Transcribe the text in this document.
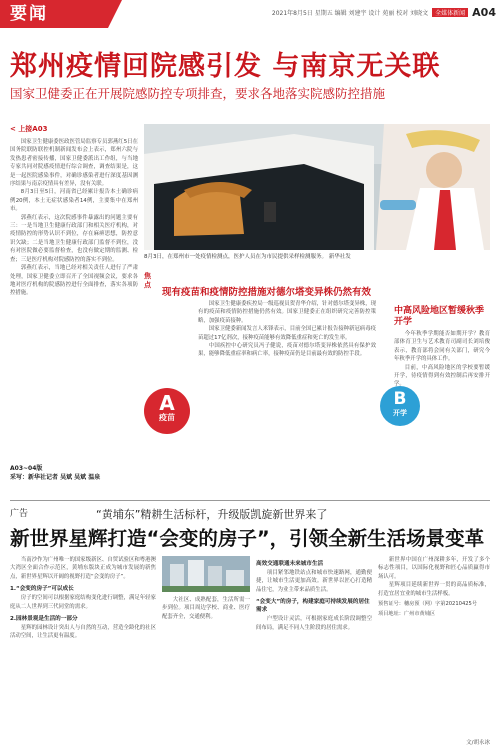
要闻	2021年8月5日 星期五 编辑 刘建宇 设计 苑丽 校对 刘晓文	全媒体新闻 A04
郑州疫情回院感引发 与南京无关联
国家卫健委正在开展院感防控专项排查，要求各地落实院感防控措施
< 上接A03

国家卫生健康委医政医管局监察专员郭燕红5日在国务院联防联控机制新闻发布会上表示，郑州六院与发热患者密接传播，国家卫健委派出工作组，与当地专家共同对院感疫情进行综合调查，调查结果是，这是一起医院感染事件，对确诊感染者进行深度基因测序结果与南京疫情具有差异，没有关联。

8月3日至5日，河南省已经累计报告本土确诊病例20例，本土无症状感染者14例，主要集中在郑州市。

郭燕红表示，这次院感事件暴露出的问题主要有三：一是当地卫生健康行政部门和相关医疗机构，对疫情防控的形势认识不到位，存在麻痹思想，防控意识欠缺；二是当地卫生健康行政部门监督不到位，没有对医院做必要监督检查，也没有做定期的监测、检查；三是医疗机构对院感防控的落实不到位。

郭燕红表示，当地已经对相关责任人进行了严肃处理，国家卫健委立即召开了全国视频会议，要求各地对医疗机构的院感防控进行全面排查，落实各项防控措施。

A03~04版
采写：新华社记者 吴斌 吴斌 温泉
8月3日，在郑州市一处疫情检测点，医护人员在为市民提供采样检测服务。 新华社发
焦点
现有疫苗和疫情防控措施对德尔塔变异株仍然有效
A
疫苗

国家卫生健康委疾控局一级巡视员贺青华介绍，针对德尔塔变异株，现有的疫苗和疫情防控措施仍然有效。国家卫健委正在组织研究完善防控策略，加强疫苗接种。

国家卫健委新闻发言人米锋表示，目前全国已累计报告接种新冠病毒疫苗超过17亿剂次，接种疫苗能够有效降低重症和死亡的发生率。

中国疾控中心研究员冯子健说，疫苗对德尔塔变异株依然具有保护效果，能够降低重症率和病亡率，接种疫苗仍是目前最有效的防控手段。

中高风险地区暂缓秋季开学
B
开学

今年秋季学期能否如期开学？教育部体育卫生与艺术教育司副司长刘培俊表示，教育部将会同有关部门，研究今年秋季开学的具体工作。

目前，中高风险地区的学校要暂缓开学，待疫情得到有效控制后再安排开学。

广告	“黄埔东”精耕生活标杆，升级版凯旋新世界来了
新世界星辉打造“会变的房子”，引领全新生活场景变革

当南沙作为广州唯一的国家级新区、自贸试验区和粤港澳大湾区全面合作示范区，黄埔东版块正成为城市发展的新焦点，新世界星辉以开阔的视野打造“会变的房子”。

1.“会变的房子”可以成长

房子的空间可以根据家庭结构变化进行调整，满足年轻家庭从二人世界到三代同堂的需求。

2.园林景观是生活的一部分

星辉的园林设计突出人与自然的互动，营造全龄化的社区活动空间，让生活更有温度。

大社区、成熟配套，生活所需一步到位。项目周边学校、商业、医疗配套齐全，交通便利。

高效交通联通未来城市生活

项目紧邻地铁站点和城市快速路网，通勤便捷，让城市生活更加高效。新世界以匠心打造精品住宅，为业主带来品质生活。

“会变大”的房子，构建家庭可持续发展的居住需求

户型设计灵活，可根据家庭成长阶段调整空间布局，满足不同人生阶段的居住需求。

新世界中国在广州深耕多年，开发了多个标志性项目，以国际化视野和匠心品质赢得市场认可。

星辉项目延续新世界一贯的高品质标准，打造宜居宜业的城市生活样板。

预售证号：穗房预（网）字第20210425号
项目地址：广州市黄埔区
文/胡永冰
